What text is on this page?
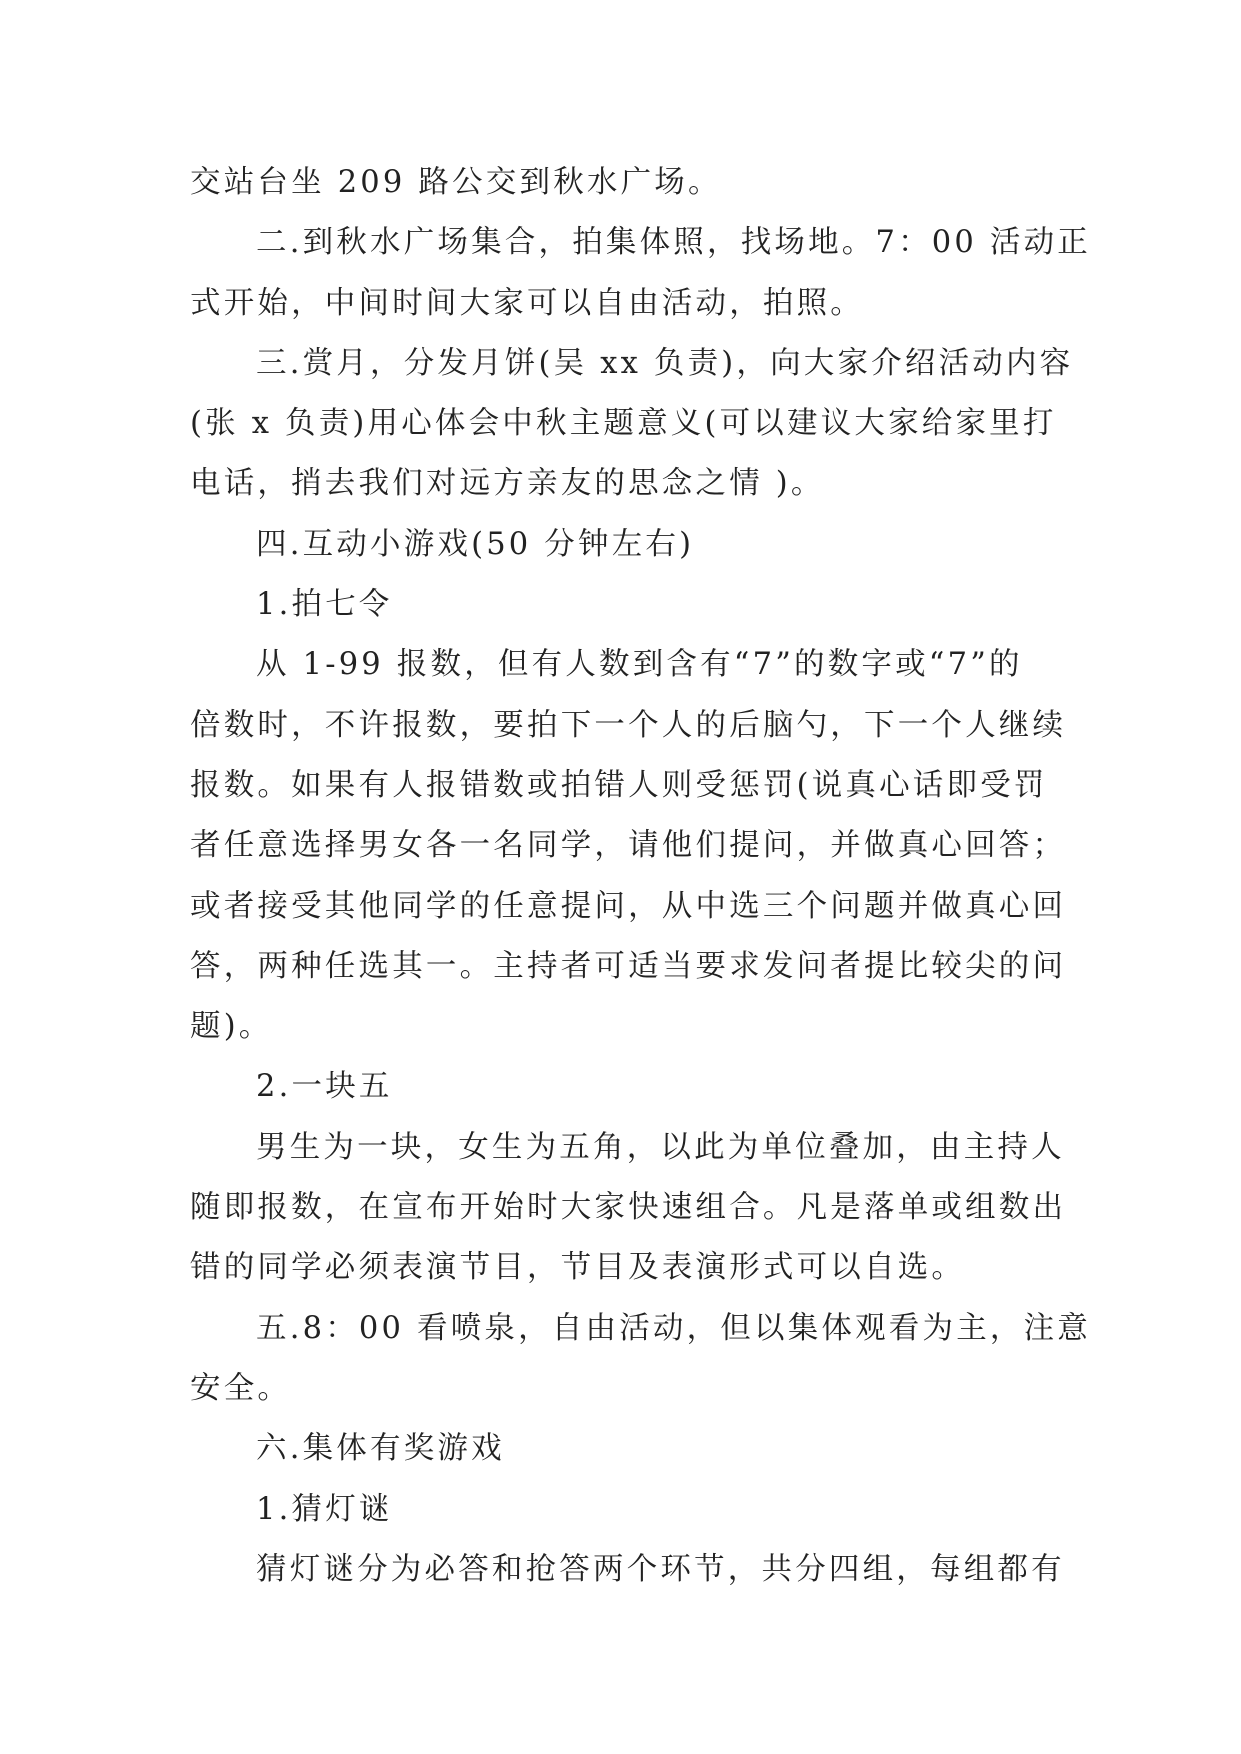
交站台坐 209 路公交到秋水广场。
二.到秋水广场集合，拍集体照，找场地。7：00 活动正
式开始，中间时间大家可以自由活动，拍照。
三.赏月，分发月饼(吴 xx 负责)，向大家介绍活动内容
(张 x 负责)用心体会中秋主题意义(可以建议大家给家里打
电话，捎去我们对远方亲友的思念之情 )。
四.互动小游戏(50 分钟左右)
1.拍七令
从 1-99 报数，但有人数到含有“7”的数字或“7”的
倍数时，不许报数，要拍下一个人的后脑勺，下一个人继续
报数。如果有人报错数或拍错人则受惩罚(说真心话即受罚
者任意选择男女各一名同学，请他们提问，并做真心回答；
或者接受其他同学的任意提问，从中选三个问题并做真心回
答，两种任选其一。主持者可适当要求发问者提比较尖的问
题)。
2.一块五
男生为一块，女生为五角，以此为单位叠加，由主持人
随即报数，在宣布开始时大家快速组合。凡是落单或组数出
错的同学必须表演节目，节目及表演形式可以自选。
五.8：00 看喷泉，自由活动，但以集体观看为主，注意
安全。
六.集体有奖游戏
1.猜灯谜
猜灯谜分为必答和抢答两个环节，共分四组，每组都有
